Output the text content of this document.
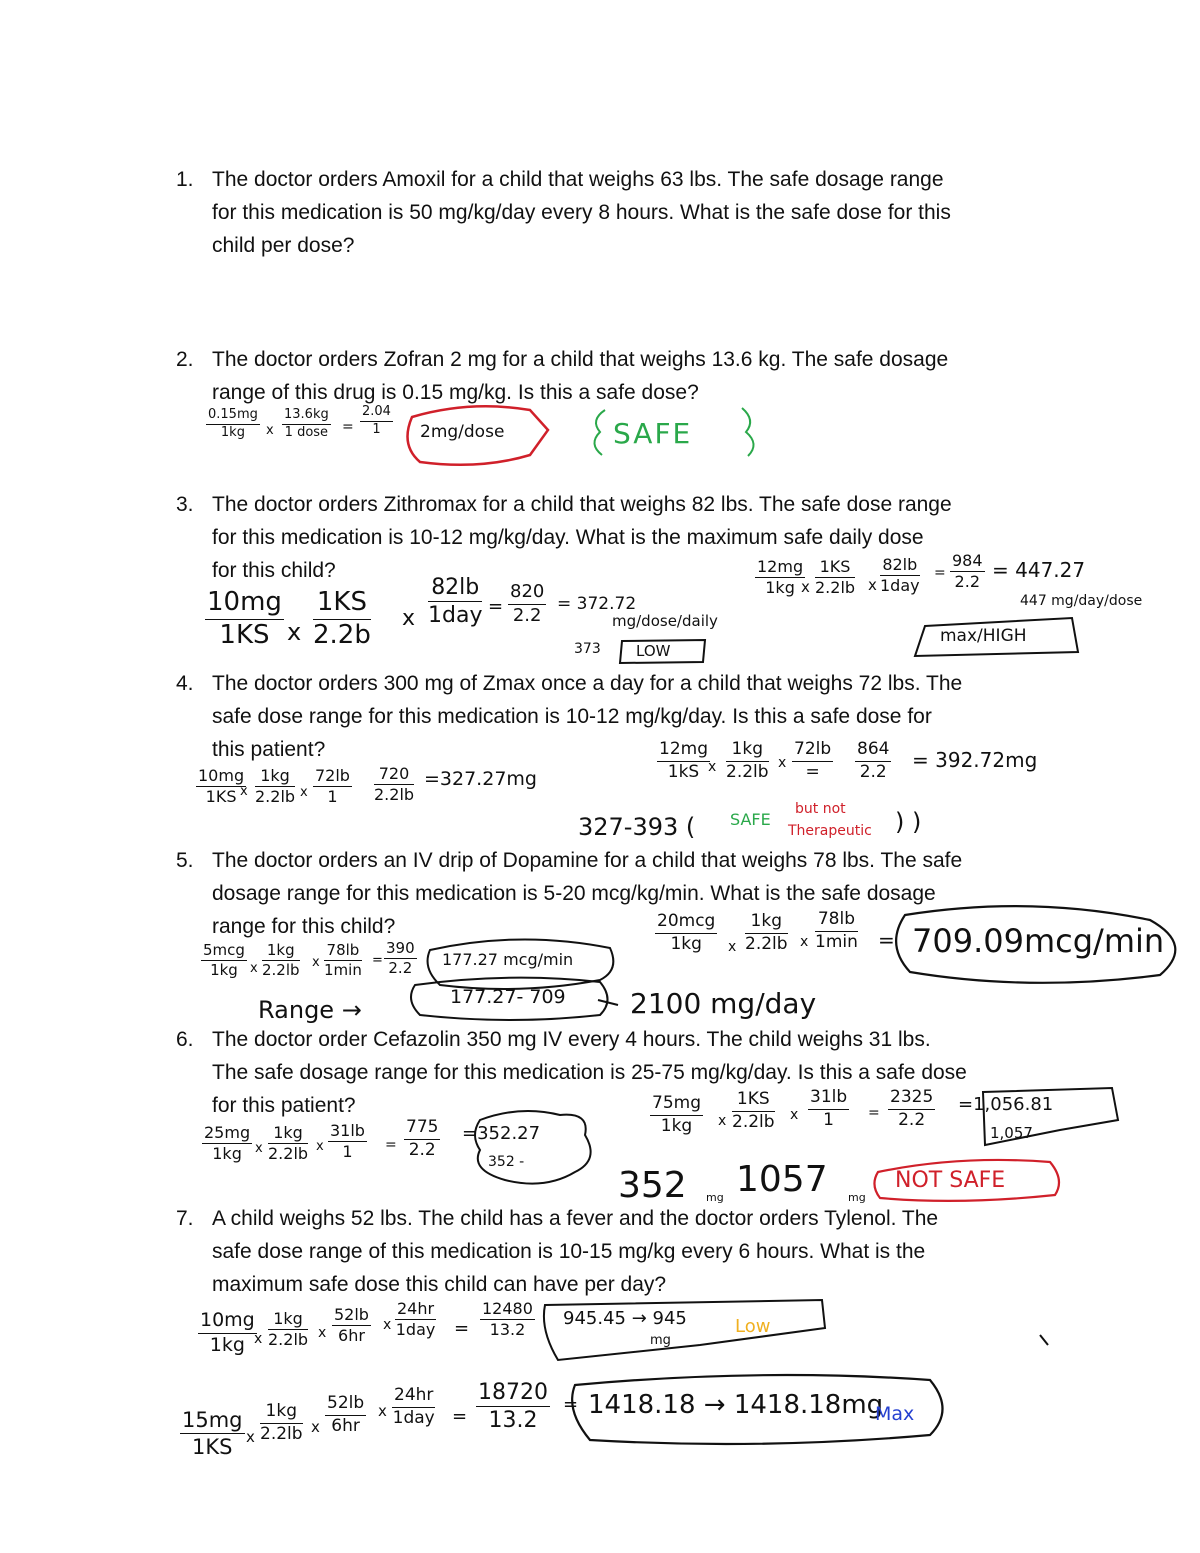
1. The doctor orders Amoxil for a child that weighs 63 lbs. The safe dosage range
for this medication is 50 mg/kg/day every 8 hours. What is the safe dose for this
child per dose?
2. The doctor orders Zofran 2 mg for a child that weighs 13.6 kg. The safe dosage
range of this drug is 0.15 mg/kg. Is this a safe dose?
3. The doctor orders Zithromax for a child that weighs 82 lbs. The safe dose range
for this medication is 10-12 mg/kg/day. What is the maximum safe daily dose
for this child?
4. The doctor orders 300 mg of Zmax once a day for a child that weighs 72 lbs. The
safe dose range for this medication is 10-12 mg/kg/day. Is this a safe dose for
this patient?
5. The doctor orders an IV drip of Dopamine for a child that weighs 78 lbs. The safe
dosage range for this medication is 5-20 mcg/kg/min. What is the safe dosage
range for this child?
6. The doctor order Cefazolin 350 mg IV every 4 hours. The child weighs 31 lbs.
The safe dosage range for this medication is 25-75 mg/kg/day. Is this a safe dose
for this patient?
7. A child weighs 52 lbs. The child has a fever and the doctor orders Tylenol. The
safe dose range of this medication is 10-15 mg/kg every 6 hours. What is the
maximum safe dose this child can have per day?
$\frac{0.15mg}{1kg}$ x
13.6kg
1 dose = $\frac{2.04}{1}$ 2mg/dose	SAFE
$\frac{10mg}{1KS}$ x $\frac{1KS}{2.2b}$ x
82lb
$1day = \frac{820}{2.2} = 372.72$
mg/dose/daily
373 LOW
$\frac{12mg}{1kg}$
x $\frac{1KS}{2.2lb}$ x
82lb
1day
= $\frac{984}{2.2} = 447.27$
447 mg/day/dose
max/HIGH
$\frac{10mg}{1KS}$
x $\frac{1kg}{2.2lb}$ x $\frac{72lb}{1} \frac{720}{2.2lb} =327.27mg$	$\frac{12mg}{1kS}$
x $\frac{1kg}{2.2lb}$ x
72lb
=	$\frac{864}{2.2} = 392.72mg$
327-393 ( SAFE
but not
Therapeutic ) )
5mcg
1kg x $\frac{1kg}{2.2lb}$ x
78lb
1min
= $\frac{390}{2.2} 177.27$ mcg/min
20mcg
1kg	x $\frac{1kg}{2.2lb}$ x
78lb
1min = 709.09mcg/min
Range →	177.27- 709 2100 mg/day
$\frac{25mg}{1kg}$ x $\frac{1kg}{2.2lb}$ x $\frac{31lb}{1} = \frac{775}{2.2} =352.27$
352 -
$\frac{75mg}{1kg}$ x $\frac{1KS}{2.2lb}$ x $\frac{31lb}{1} = \frac{2325}{2.2} =1,056.81$
1,057
352 mg 1057 mg
NOT SAFE
$\frac{10mg}{1kg}$
x $\frac{1kg}{2.2lb}$ x $\frac{52lb}{6hr}$ x
24hr
$1day = \frac{12480}{13.2} 945.45 \to 945$
mg
Low
$\frac{15mg}{1KS}$ x $\frac{1kg}{2.2lb}$ x $\frac{52lb}{6hr}$ x
24hr
$1day = \frac{18720}{13.2} = 1418.18 \to 1418.18mg$
Max
